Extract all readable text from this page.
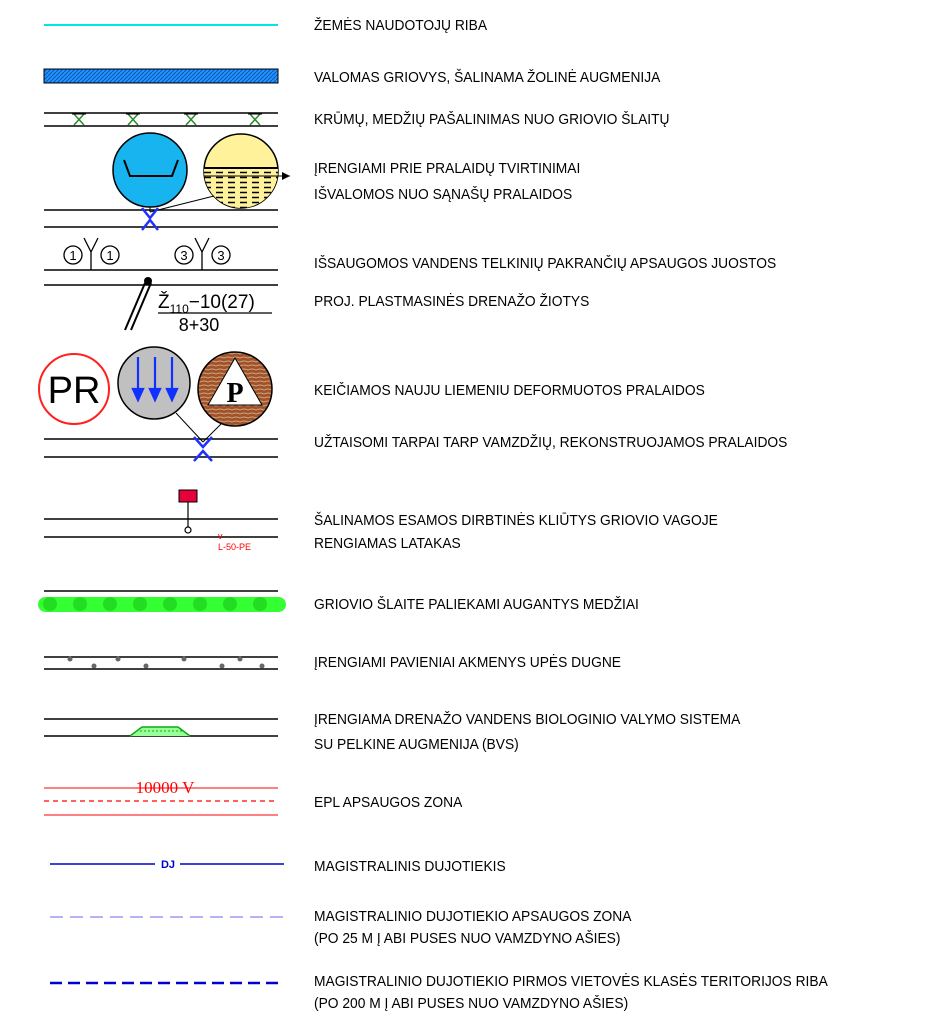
1 1	3 3
$Ž_{110}-10(27)$
8+30
PR	P
v
L-50-PE
10000 V
DJ
ŽEMĖS NAUDOTOJŲ RIBA
VALOMAS GRIOVYS, ŠALINAMA ŽOLINĖ AUGMENIJA
KRŪMŲ, MEDŽIŲ PAŠALINIMAS NUO GRIOVIO ŠLAITŲ
ĮRENGIAMI PRIE PRALAIDŲ TVIRTINIMAI
IŠVALOMOS NUO SĄNAŠŲ PRALAIDOS
IŠSAUGOMOS VANDENS TELKINIŲ PAKRANČIŲ APSAUGOS JUOSTOS
PROJ. PLASTMASINĖS DRENAŽO ŽIOTYS
KEIČIAMOS NAUJU LIEMENIU DEFORMUOTOS PRALAIDOS
UŽTAISOMI TARPAI TARP VAMZDŽIŲ, REKONSTRUOJAMOS PRALAIDOS
ŠALINAMOS ESAMOS DIRBTINĖS KLIŪTYS GRIOVIO VAGOJE
RENGIAMAS LATAKAS
GRIOVIO ŠLAITE PALIEKAMI AUGANTYS MEDŽIAI
ĮRENGIAMI PAVIENIAI AKMENYS UPĖS DUGNE
ĮRENGIAMA DRENAŽO VANDENS BIOLOGINIO VALYMO SISTEMA
SU PELKINE AUGMENIJA (BVS)
EPL APSAUGOS ZONA
MAGISTRALINIS DUJOTIEKIS
MAGISTRALINIO DUJOTIEKIO APSAUGOS ZONA
(PO 25 M Į ABI PUSES NUO VAMZDYNO AŠIES)
MAGISTRALINIO DUJOTIEKIO PIRMOS VIETOVĖS KLASĖS TERITORIJOS RIBA
(PO 200 M Į ABI PUSES NUO VAMZDYNO AŠIES)
